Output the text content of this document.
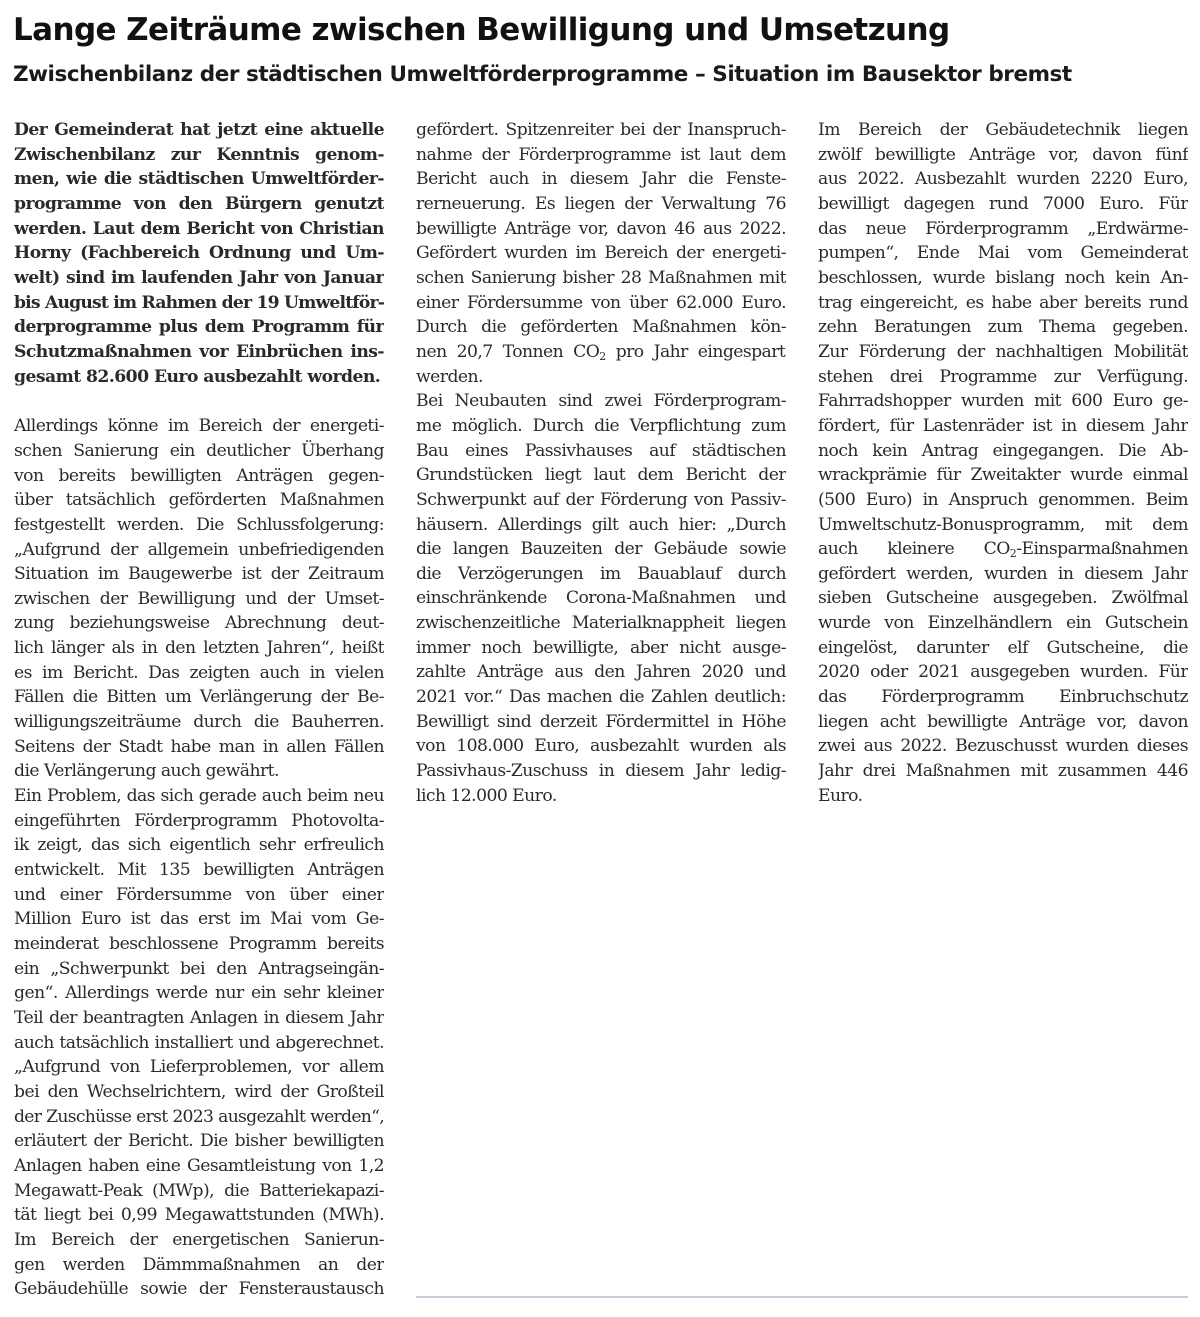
Lange Zeiträume zwischen Bewilligung und Umsetzung
Zwischenbilanz der städtischen Umweltförderprogramme – Situation im Bausektor bremst
Der Gemeinderat hat jetzt eine aktuelle
Zwischenbilanz zur Kenntnis genom-
men, wie die städtischen Umweltförder-
programme von den Bürgern genutzt
werden. Laut dem Bericht von Christian
Horny (Fachbereich Ordnung und Um-
welt) sind im laufenden Jahr von Januar
bis August im Rahmen der 19 Umweltför-
derprogramme plus dem Programm für
Schutzmaßnahmen vor Einbrüchen ins-
gesamt 82.600 Euro ausbezahlt worden.
Allerdings könne im Bereich der energeti-
schen Sanierung ein deutlicher Überhang
von bereits bewilligten Anträgen gegen-
über tatsächlich geförderten Maßnahmen
festgestellt werden. Die Schlussfolgerung:
„Aufgrund der allgemein unbefriedigenden
Situation im Baugewerbe ist der Zeitraum
zwischen der Bewilligung und der Umset-
zung beziehungsweise Abrechnung deut-
lich länger als in den letzten Jahren“, heißt
es im Bericht. Das zeigten auch in vielen
Fällen die Bitten um Verlängerung der Be-
willigungszeiträume durch die Bauherren.
Seitens der Stadt habe man in allen Fällen
die Verlängerung auch gewährt.
Ein Problem, das sich gerade auch beim neu
eingeführten Förderprogramm Photovolta-
ik zeigt, das sich eigentlich sehr erfreulich
entwickelt. Mit 135 bewilligten Anträgen
und einer Fördersumme von über einer
Million Euro ist das erst im Mai vom Ge-
meinderat beschlossene Programm bereits
ein „Schwerpunkt bei den Antragseingän-
gen“. Allerdings werde nur ein sehr kleiner
Teil der beantragten Anlagen in diesem Jahr
auch tatsächlich installiert und abgerechnet.
„Aufgrund von Lieferproblemen, vor allem
bei den Wechselrichtern, wird der Großteil
der Zuschüsse erst 2023 ausgezahlt werden“,
erläutert der Bericht. Die bisher bewilligten
Anlagen haben eine Gesamtleistung von 1,2
Megawatt-Peak (MWp), die Batteriekapazi-
tät liegt bei 0,99 Megawattstunden (MWh).
Im Bereich der energetischen Sanierun-
gen werden Dämmmaßnahmen an der
Gebäudehülle sowie der Fensteraustausch
gefördert. Spitzenreiter bei der Inanspruch-
nahme der Förderprogramme ist laut dem
Bericht auch in diesem Jahr die Fenste-
rerneuerung. Es liegen der Verwaltung 76
bewilligte Anträge vor, davon 46 aus 2022.
Gefördert wurden im Bereich der energeti-
schen Sanierung bisher 28 Maßnahmen mit
einer Fördersumme von über 62.000 Euro.
Durch die geförderten Maßnahmen kön-
nen 20,7 Tonnen $CO_2$ pro Jahr eingespart
werden.
Bei Neubauten sind zwei Förderprogram-
me möglich. Durch die Verpflichtung zum
Bau eines Passivhauses auf städtischen
Grundstücken liegt laut dem Bericht der
Schwerpunkt auf der Förderung von Passiv-
häusern. Allerdings gilt auch hier: „Durch
die langen Bauzeiten der Gebäude sowie
die Verzögerungen im Bauablauf durch
einschränkende Corona-Maßnahmen und
zwischenzeitliche Materialknappheit liegen
immer noch bewilligte, aber nicht ausge-
zahlte Anträge aus den Jahren 2020 und
2021 vor.“ Das machen die Zahlen deutlich:
Bewilligt sind derzeit Fördermittel in Höhe
von 108.000 Euro, ausbezahlt wurden als
Passivhaus-Zuschuss in diesem Jahr ledig-
lich 12.000 Euro.
Im Bereich der Gebäudetechnik liegen
zwölf bewilligte Anträge vor, davon fünf
aus 2022. Ausbezahlt wurden 2220 Euro,
bewilligt dagegen rund 7000 Euro. Für
das neue Förderprogramm „Erdwärme-
pumpen“, Ende Mai vom Gemeinderat
beschlossen, wurde bislang noch kein An-
trag eingereicht, es habe aber bereits rund
zehn Beratungen zum Thema gegeben.
Zur Förderung der nachhaltigen Mobilität
stehen drei Programme zur Verfügung.
Fahrradshopper wurden mit 600 Euro ge-
fördert, für Lastenräder ist in diesem Jahr
noch kein Antrag eingegangen. Die Ab-
wrackprämie für Zweitakter wurde einmal
(500 Euro) in Anspruch genommen. Beim
Umweltschutz-Bonusprogramm, mit dem
auch kleinere $CO_2$-Einsparmaßnahmen
gefördert werden, wurden in diesem Jahr
sieben Gutscheine ausgegeben. Zwölfmal
wurde von Einzelhändlern ein Gutschein
eingelöst, darunter elf Gutscheine, die
2020 oder 2021 ausgegeben wurden. Für
das Förderprogramm Einbruchschutz
liegen acht bewilligte Anträge vor, davon
zwei aus 2022. Bezuschusst wurden dieses
Jahr drei Maßnahmen mit zusammen 446
Euro.
